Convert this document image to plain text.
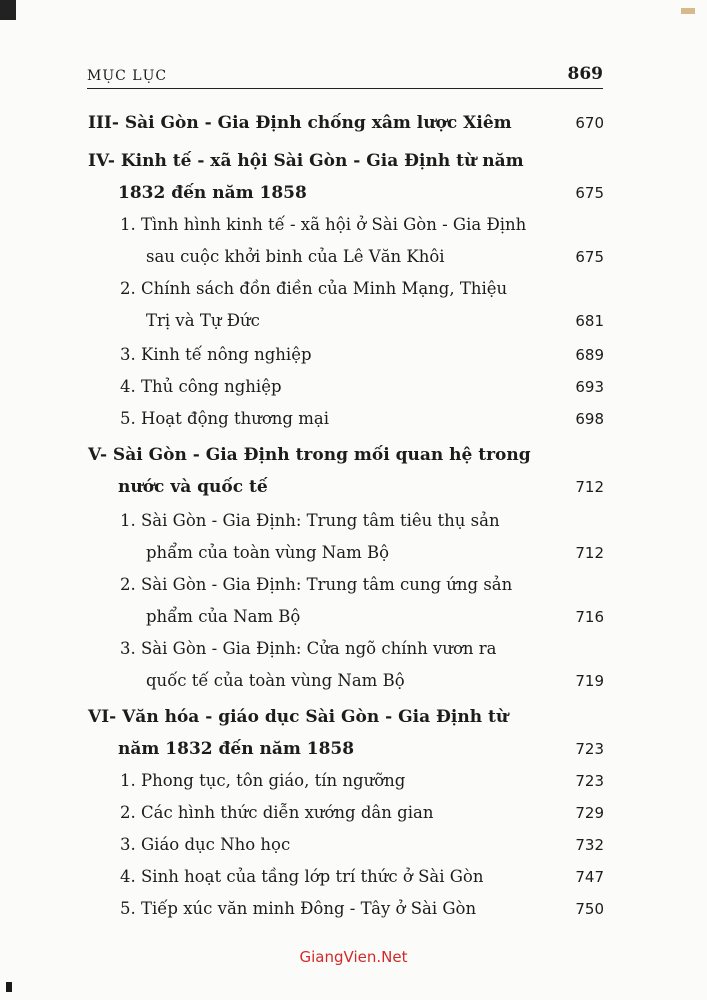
MỤC LỤC	869
III- Sài Gòn - Gia Định chống xâm lược Xiêm	670
IV- Kinh tế - xã hội Sài Gòn - Gia Định từ năm
1832 đến năm 1858	675
1. Tình hình kinh tế - xã hội ở Sài Gòn - Gia Định
sau cuộc khởi binh của Lê Văn Khôi	675
2. Chính sách đồn điền của Minh Mạng, Thiệu
Trị và Tự Đức	681
3. Kinh tế nông nghiệp	689
4. Thủ công nghiệp	693
5. Hoạt động thương mại	698
V- Sài Gòn - Gia Định trong mối quan hệ trong
nước và quốc tế	712
1. Sài Gòn - Gia Định: Trung tâm tiêu thụ sản
phẩm của toàn vùng Nam Bộ	712
2. Sài Gòn - Gia Định: Trung tâm cung ứng sản
phẩm của Nam Bộ	716
3. Sài Gòn - Gia Định: Cửa ngõ chính vươn ra
quốc tế của toàn vùng Nam Bộ	719
VI- Văn hóa - giáo dục Sài Gòn - Gia Định từ
năm 1832 đến năm 1858	723
1. Phong tục, tôn giáo, tín ngưỡng	723
2. Các hình thức diễn xướng dân gian	729
3. Giáo dục Nho học	732
4. Sinh hoạt của tầng lớp trí thức ở Sài Gòn	747
5. Tiếp xúc văn minh Đông - Tây ở Sài Gòn	750
GiangVien.Net
